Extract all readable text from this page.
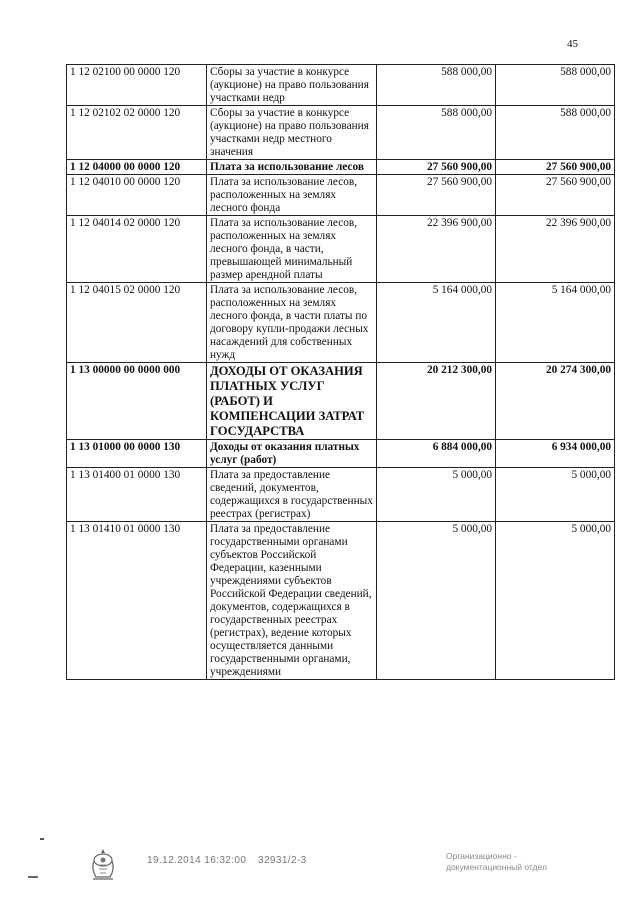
45
1 12 02100 00 0000 120	Сборы за участие в конкурсе (аукционе) на право пользования участками недр	588 000,00	588 000,00
1 12 02102 02 0000 120	Сборы за участие в конкурсе (аукционе) на право пользования участками недр местного значения	588 000,00	588 000,00
1 12 04000 00 0000 120	Плата за использование лесов	27 560 900,00	27 560 900,00
1 12 04010 00 0000 120	Плата за использование лесов, расположенных на землях лесного фонда	27 560 900,00	27 560 900,00
1 12 04014 02 0000 120	Плата за использование лесов, расположенных на землях лесного фонда, в части, превышающей минимальный размер арендной платы	22 396 900,00	22 396 900,00
1 12 04015 02 0000 120	Плата за использование лесов, расположенных на землях лесного фонда, в части платы по договору купли-продажи лесных насаждений для собственных нужд	5 164 000,00	5 164 000,00
1 13 00000 00 0000 000	ДОХОДЫ ОТ ОКАЗАНИЯ ПЛАТНЫХ УСЛУГ (РАБОТ) И КОМПЕНСАЦИИ ЗАТРАТ ГОСУДАРСТВА	20 212 300,00	20 274 300,00
1 13 01000 00 0000 130	Доходы от оказания платных услуг (работ)	6 884 000,00	6 934 000,00
1 13 01400 01 0000 130	Плата за предоставление сведений, документов, содержащихся в государственных реестрах (регистрах)	5 000,00	5 000,00
1 13 01410 01 0000 130	Плата за предоставление государственными органами субъектов Российской Федерации, казенными учреждениями субъектов Российской Федерации сведений, документов, содержащихся в государственных реестрах (регистрах), ведение которых осуществляется данными государственными органами, учреждениями	5 000,00	5 000,00
19.12.2014 16:32:00 32931/2-3	Организационно -
документационный отдел
